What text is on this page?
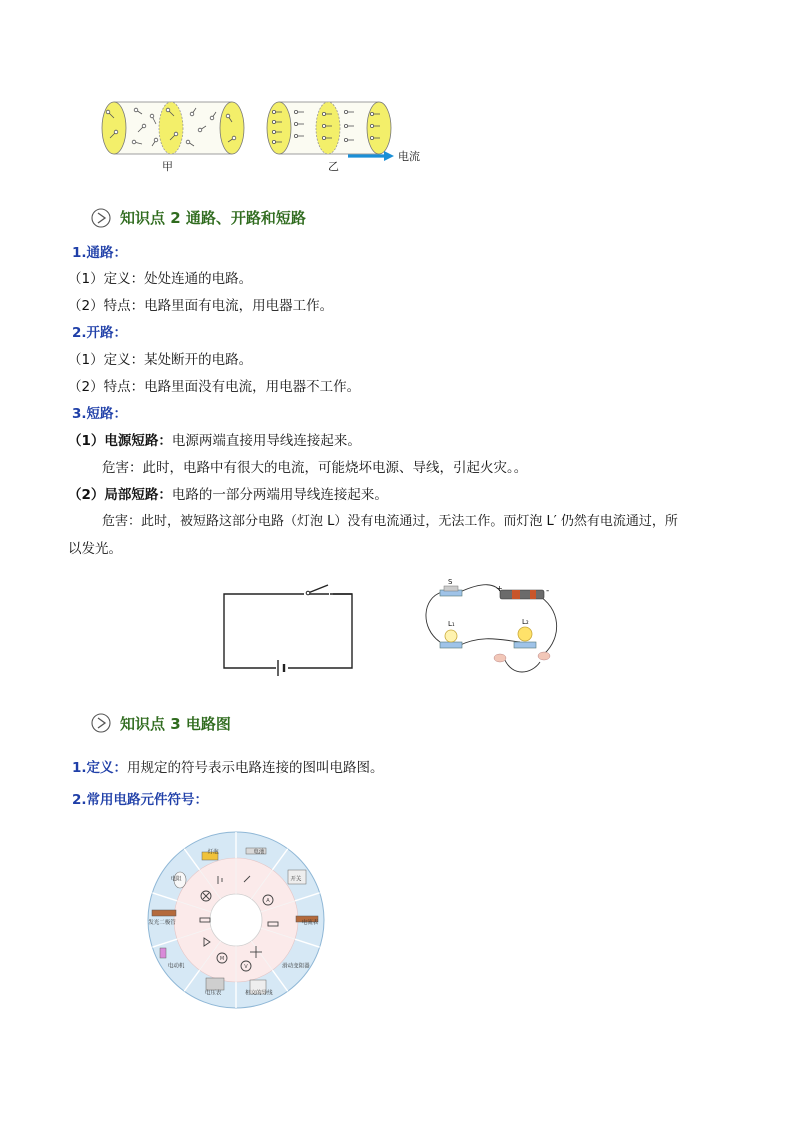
甲	乙
电流
知识点 2 通路、开路和短路
1.通路：
（1）定义：处处连通的电路。
（2）特点：电路里面有电流，用电器工作。
2.开路：
（1）定义：某处断开的电路。
（2）特点：电路里面没有电流，用电器不工作。
3.短路：
（1）电源短路：电源两端直接用导线连接起来。
危害：此时，电路中有很大的电流，可能烧坏电源、导线，引起火灾。。
（2）局部短路：电路的一部分两端用导线连接起来。
危害：此时，被短路这部分电路（灯泡 L）没有电流通过，无法工作。而灯泡 L′ 仍然有电流通过，所
以发光。
S
L₁	L₂
+	-
知识点 3 电路图
1.定义：用规定的符号表示电路连接的图叫电路图。
2.常用电路元件符号：
A
V
M
电池
开关
电流表
滑动变阻器
相交的导线
电压表
电动机
发光二极管
电阻
灯泡
